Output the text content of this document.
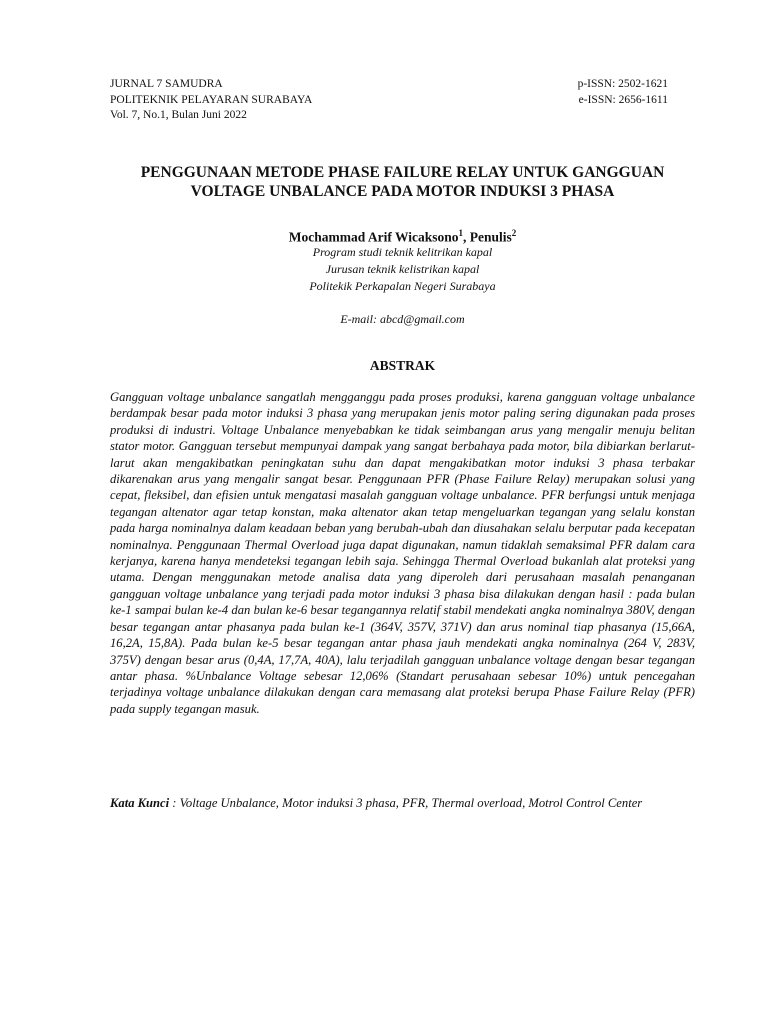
JURNAL 7 SAMUDRA
POLITEKNIK PELAYARAN SURABAYA
Vol. 7, No.1, Bulan Juni 2022
p-ISSN: 2502-1621
e-ISSN: 2656-1611
PENGGUNAAN METODE PHASE FAILURE RELAY UNTUK GANGGUAN VOLTAGE UNBALANCE PADA MOTOR INDUKSI 3 PHASA
Mochammad Arif Wicaksono$^1$, Penulis$^2$
Program studi teknik kelitrikan kapal
Jurusan teknik kelistrikan kapal
Politekik Perkapalan Negeri Surabaya
E-mail: abcd@gmail.com
ABSTRAK

Gangguan voltage unbalance sangatlah mengganggu pada proses produksi, karena gangguan voltage unbalance berdampak besar pada motor induksi 3 phasa yang merupakan jenis motor paling sering digunakan pada proses produksi di industri. Voltage Unbalance menyebabkan ke tidak seimbangan arus yang mengalir menuju belitan stator motor. Gangguan tersebut mempunyai dampak yang sangat berbahaya pada motor, bila dibiarkan berlarut-larut akan mengakibatkan peningkatan suhu dan dapat mengakibatkan motor induksi 3 phasa terbakar dikarenakan arus yang mengalir sangat besar. Penggunaan PFR (Phase Failure Relay) merupakan solusi yang cepat, fleksibel, dan efisien untuk mengatasi masalah gangguan voltage unbalance. PFR berfungsi untuk menjaga tegangan altenator agar tetap konstan, maka altenator akan tetap mengeluarkan tegangan yang selalu konstan pada harga nominalnya dalam keadaan beban yang berubah-ubah dan diusahakan selalu berputar pada kecepatan nominalnya. Penggunaan Thermal Overload juga dapat digunakan, namun tidaklah semaksimal PFR dalam cara kerjanya, karena hanya mendeteksi tegangan lebih saja. Sehingga Thermal Overload bukanlah alat proteksi yang utama. Dengan menggunakan metode analisa data yang diperoleh dari perusahaan masalah penanganan gangguan voltage unbalance yang terjadi pada motor induksi 3 phasa bisa dilakukan dengan hasil : pada bulan ke-1 sampai bulan ke-4 dan bulan ke-6 besar tegangannya relatif stabil mendekati angka nominalnya 380V, dengan besar tegangan antar phasanya pada bulan ke-1 (364V, 357V, 371V) dan arus nominal tiap phasanya (15,66A, 16,2A, 15,8A). Pada bulan ke-5 besar tegangan antar phasa jauh mendekati angka nominalnya (264 V, 283V, 375V) dengan besar arus (0,4A, 17,7A, 40A), lalu terjadilah gangguan unbalance voltage dengan besar tegangan antar phasa. %Unbalance Voltage sebesar 12,06% (Standart perusahaan sebesar 10%) untuk pencegahan terjadinya voltage unbalance dilakukan dengan cara memasang alat proteksi berupa Phase Failure Relay (PFR) pada supply tegangan masuk.

Kata Kunci : Voltage Unbalance, Motor induksi 3 phasa, PFR, Thermal overload, Motrol Control Center
